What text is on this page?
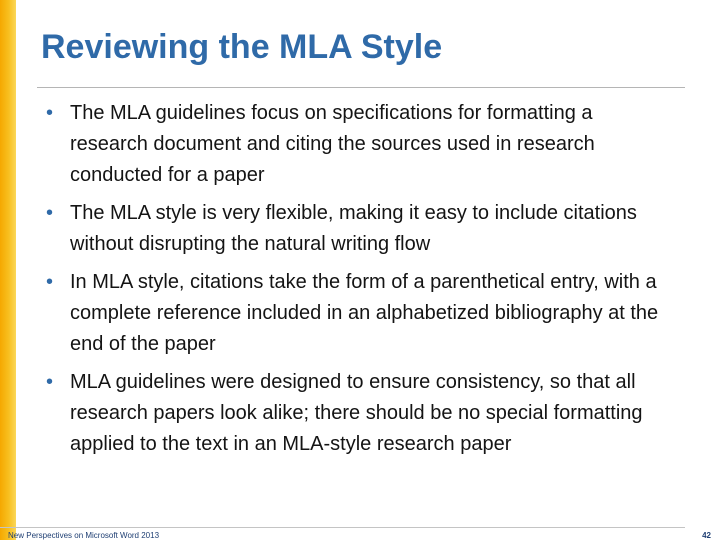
Reviewing the MLA Style
• The MLA guidelines focus on specifications for formatting a research document and citing the sources used in research conducted for a paper
• The MLA style is very flexible, making it easy to include citations without disrupting the natural writing flow
• In MLA style, citations take the form of a parenthetical entry, with a complete reference included in an alphabetized bibliography at the end of the paper
• MLA guidelines were designed to ensure consistency, so that all research papers look alike; there should be no special formatting applied to the text in an MLA-style research paper
New Perspectives on Microsoft Word 2013	42
